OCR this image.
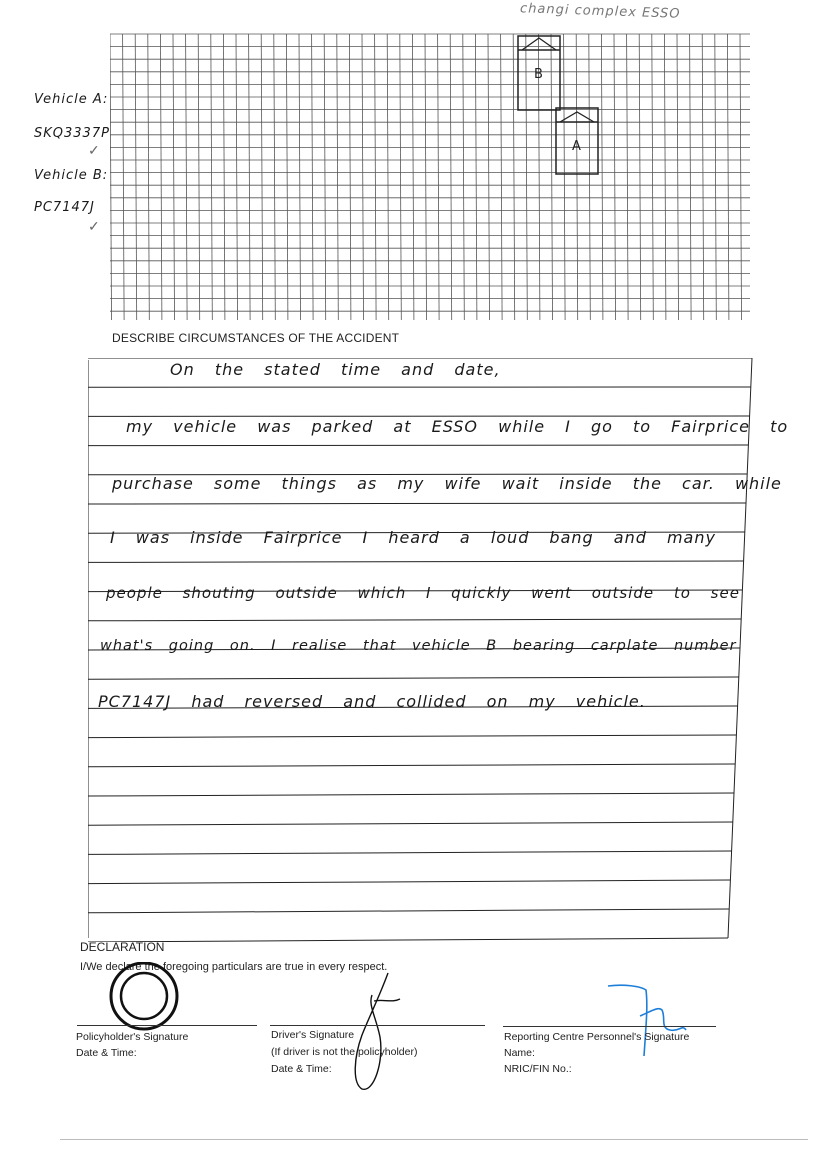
changi complex ESSO
Vehicle A:
SKQ3337P
✓
Vehicle B:
PC7147J
✓
B
A
DESCRIBE CIRCUMSTANCES OF THE ACCIDENT
On the stated time and date,
my vehicle was parked at ESSO while I go to Fairprice to
purchase some things as my wife wait inside the car. while
I was inside Fairprice I heard a loud bang and many
people shouting outside which I quickly went outside to see
what's going on. I realise that vehicle B bearing carplate number
PC7147J had reversed and collided on my vehicle.
DECLARATION
I/We declare the foregoing particulars are true in every respect.
Policyholder's Signature
Date & Time:
Driver's Signature
(If driver is not the policyholder)
Date & Time:
Reporting Centre Personnel's Signature
Name:
NRIC/FIN No.:
